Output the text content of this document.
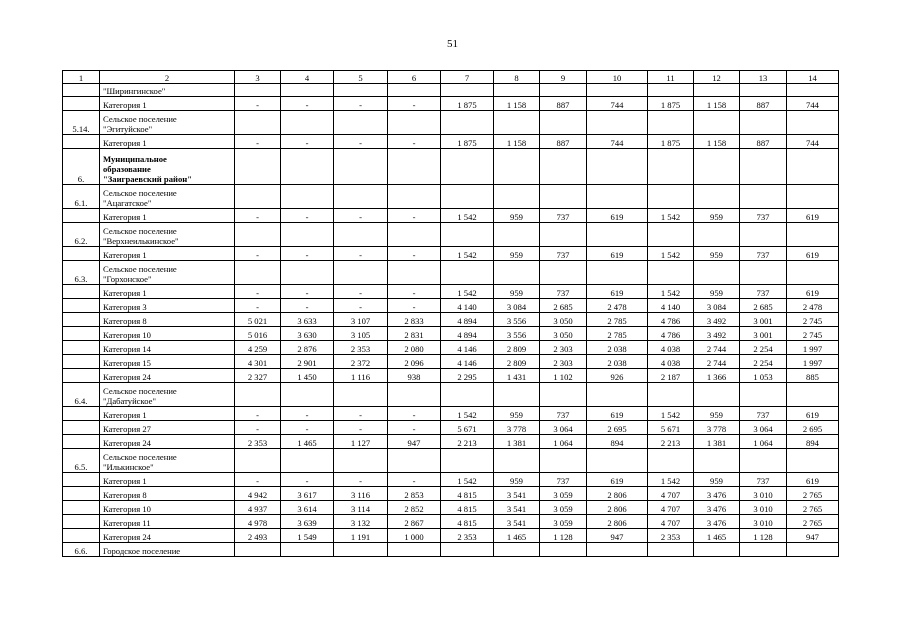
51
1	2	3	4	5	6	7	8	9	10	11	12	13	14

	"Ширингинское"												

	Категория 1	-	-	-	-	1 875	1 158	887	744	1 875	1 158	887	744
5.14.	Сельское поселение
"Эгитуйское"												

	Категория 1	-	-	-	-	1 875	1 158	887	744	1 875	1 158	887	744
6.	Муниципальное
образование
"Заиграевский район"												

6.1.	Сельское поселение
"Ацагатское"												

	Категория 1	-	-	-	-	1 542	959	737	619	1 542	959	737	619
6.2.	Сельское поселение
"Верхнеилькинское"												

	Категория 1	-	-	-	-	1 542	959	737	619	1 542	959	737	619
6.3.	Сельское поселение
"Горхонское"												

	Категория 1	-	-	-	-	1 542	959	737	619	1 542	959	737	619

	Категория 3	-	-	-	-	4 140	3 084	2 685	2 478	4 140	3 084	2 685	2 478

	Категория 8	5 021	3 633	3 107	2 833	4 894	3 556	3 050	2 785	4 786	3 492	3 001	2 745

	Категория 10	5 016	3 630	3 105	2 831	4 894	3 556	3 050	2 785	4 786	3 492	3 001	2 745

	Категория 14	4 259	2 876	2 353	2 080	4 146	2 809	2 303	2 038	4 038	2 744	2 254	1 997

	Категория 15	4 301	2 901	2 372	2 096	4 146	2 809	2 303	2 038	4 038	2 744	2 254	1 997

	Категория 24	2 327	1 450	1 116	938	2 295	1 431	1 102	926	2 187	1 366	1 053	885
6.4.	Сельское поселение
"Дабатуйское"												

	Категория 1	-	-	-	-	1 542	959	737	619	1 542	959	737	619

	Категория 27	-	-	-	-	5 671	3 778	3 064	2 695	5 671	3 778	3 064	2 695

	Категория 24	2 353	1 465	1 127	947	2 213	1 381	1 064	894	2 213	1 381	1 064	894
6.5.	Сельское поселение
"Илькинское"												

	Категория 1	-	-	-	-	1 542	959	737	619	1 542	959	737	619

	Категория 8	4 942	3 617	3 116	2 853	4 815	3 541	3 059	2 806	4 707	3 476	3 010	2 765

	Категория 10	4 937	3 614	3 114	2 852	4 815	3 541	3 059	2 806	4 707	3 476	3 010	2 765

	Категория 11	4 978	3 639	3 132	2 867	4 815	3 541	3 059	2 806	4 707	3 476	3 010	2 765

	Категория 24	2 493	1 549	1 191	1 000	2 353	1 465	1 128	947	2 353	1 465	1 128	947
6.6.	Городское поселение												
